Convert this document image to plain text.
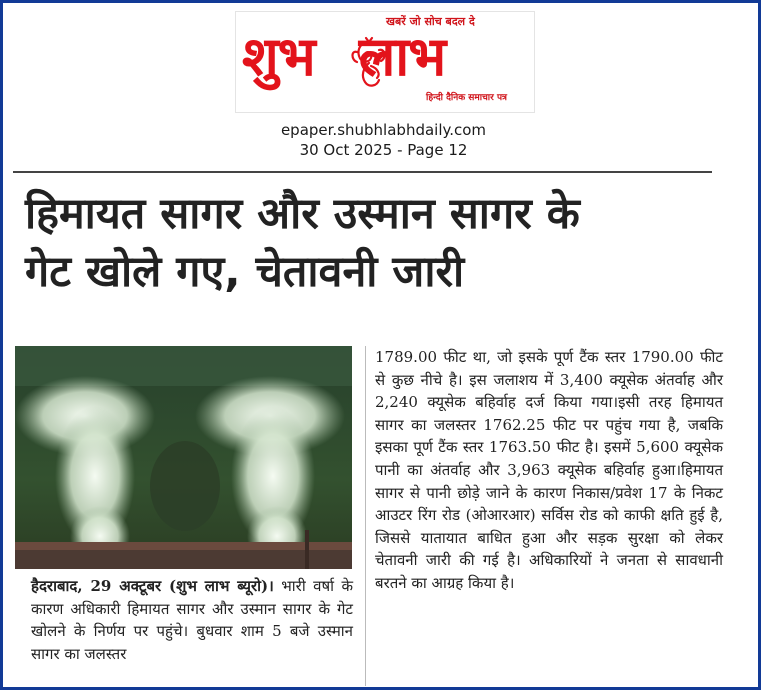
खबरें जो सोच बदल दे
शुभ लाभ
हिन्दी दैनिक समाचार पत्र
epaper.shubhlabhdaily.com
30 Oct 2025 - Page 12
हिमायत सागर और उस्मान सागर के
गेट खोले गए, चेतावनी जारी

हैदराबाद, 29 अक्टूबर (शुभ लाभ ब्यूरो)। भारी वर्षा के कारण अधिकारी हिमायत सागर और उस्मान सागर के गेट खोलने के निर्णय पर पहुंचे। बुधवार शाम 5 बजे उस्मान सागर का जलस्तर

1789.00 फीट था, जो इसके पूर्ण टैंक स्तर 1790.00 फीट से कुछ नीचे है। इस जलाशय में 3,400 क्यूसेक अंतर्वाह और 2,240 क्यूसेक बहिर्वाह दर्ज किया गया।इसी तरह हिमायत सागर का जलस्तर 1762.25 फीट पर पहुंच गया है, जबकि इसका पूर्ण टैंक स्तर 1763.50 फीट है। इसमें 5,600 क्यूसेक पानी का अंतर्वाह और 3,963 क्यूसेक बहिर्वाह हुआ।हिमायत सागर से पानी छोड़े जाने के कारण निकास/प्रवेश 17 के निकट आउटर रिंग रोड (ओआरआर) सर्विस रोड को काफी क्षति हुई है, जिससे यातायात बाधित हुआ और सड़क सुरक्षा को लेकर चेतावनी जारी की गई है। अधिकारियों ने जनता से सावधानी बरतने का आग्रह किया है।
